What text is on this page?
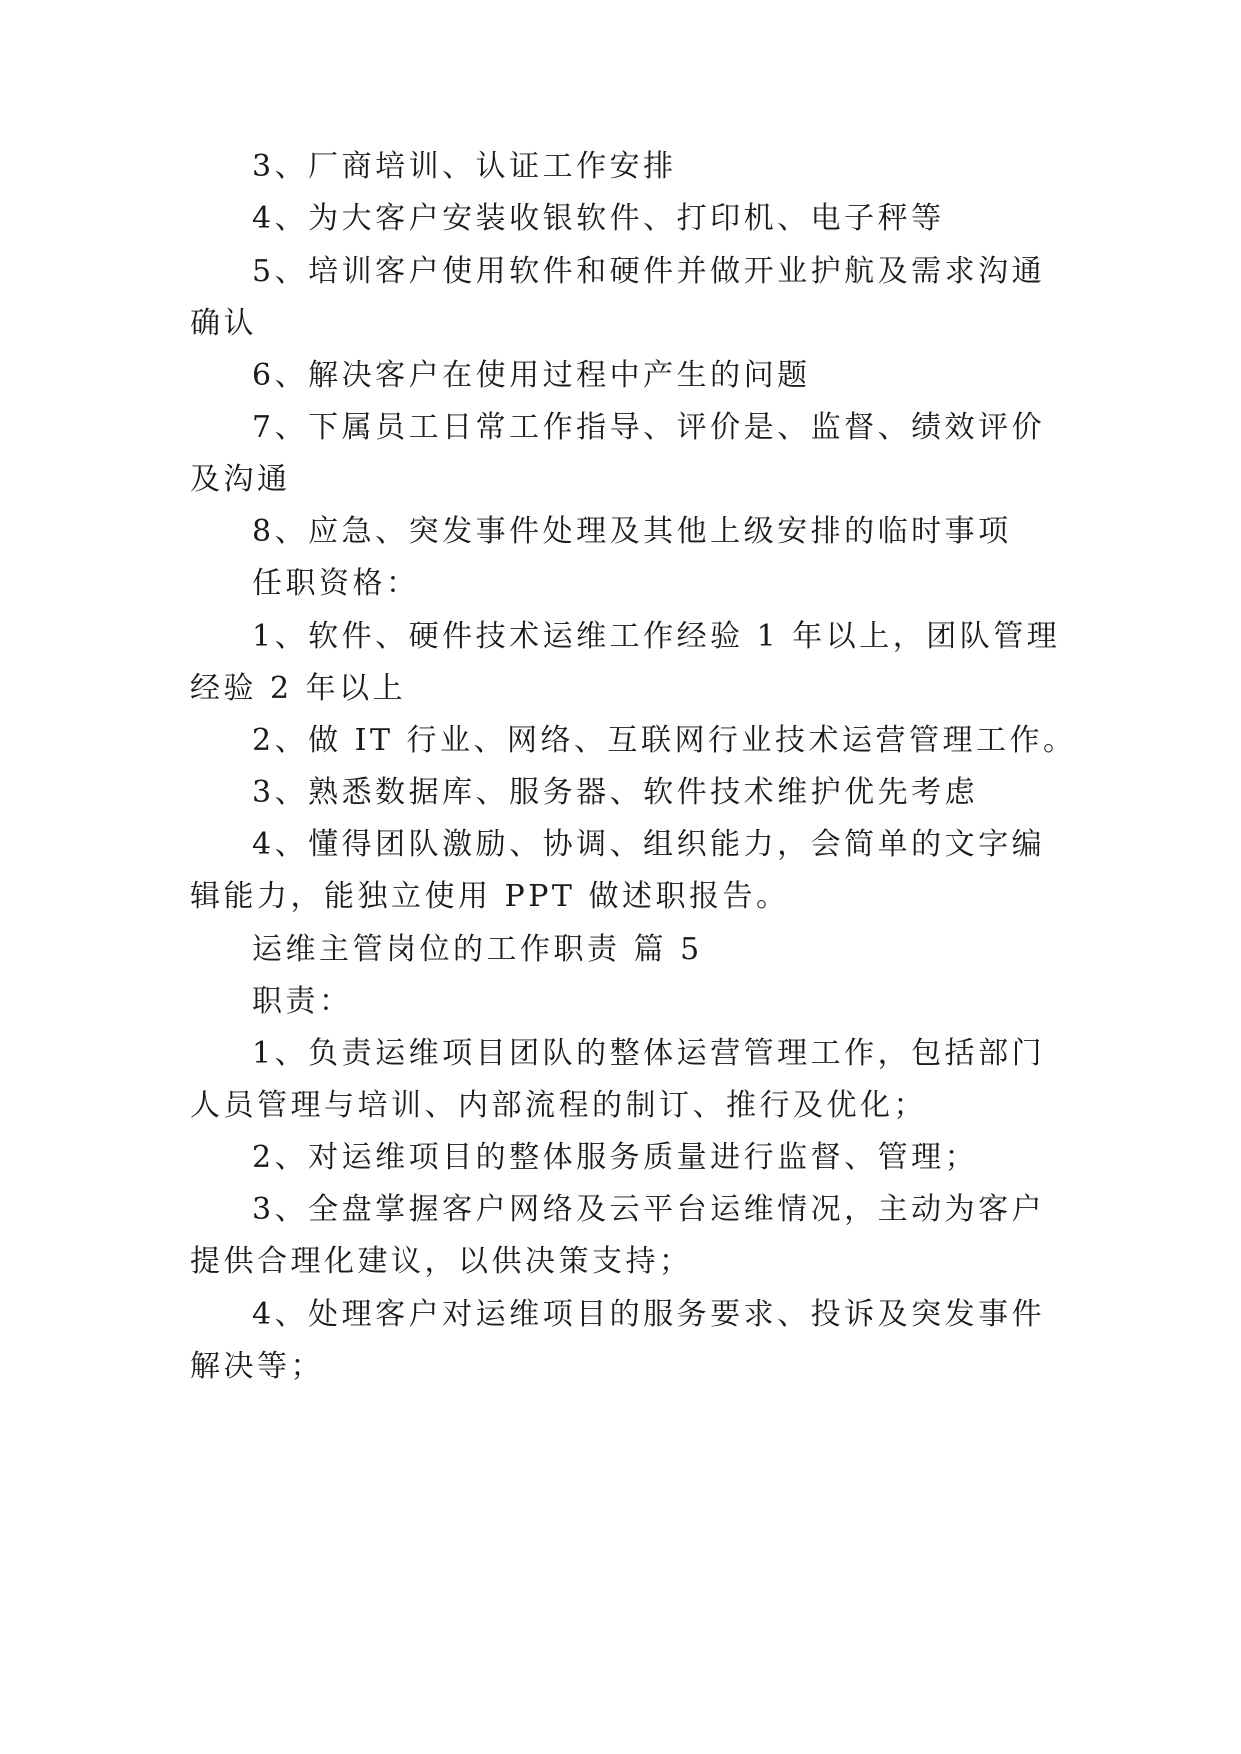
3、厂商培训、认证工作安排
4、为大客户安装收银软件、打印机、电子秤等
5、培训客户使用软件和硬件并做开业护航及需求沟通
确认
6、解决客户在使用过程中产生的问题
7、下属员工日常工作指导、评价是、监督、绩效评价
及沟通
8、应急、突发事件处理及其他上级安排的临时事项
任职资格：
1、软件、硬件技术运维工作经验 1 年以上，团队管理
经验 2 年以上
2、做 IT 行业、网络、互联网行业技术运营管理工作。
3、熟悉数据库、服务器、软件技术维护优先考虑
4、懂得团队激励、协调、组织能力，会简单的文字编
辑能力，能独立使用 PPT 做述职报告。
运维主管岗位的工作职责 篇 5
职责：
1、负责运维项目团队的整体运营管理工作，包括部门
人员管理与培训、内部流程的制订、推行及优化；
2、对运维项目的整体服务质量进行监督、管理；
3、全盘掌握客户网络及云平台运维情况，主动为客户
提供合理化建议，以供决策支持；
4、处理客户对运维项目的服务要求、投诉及突发事件
解决等；
